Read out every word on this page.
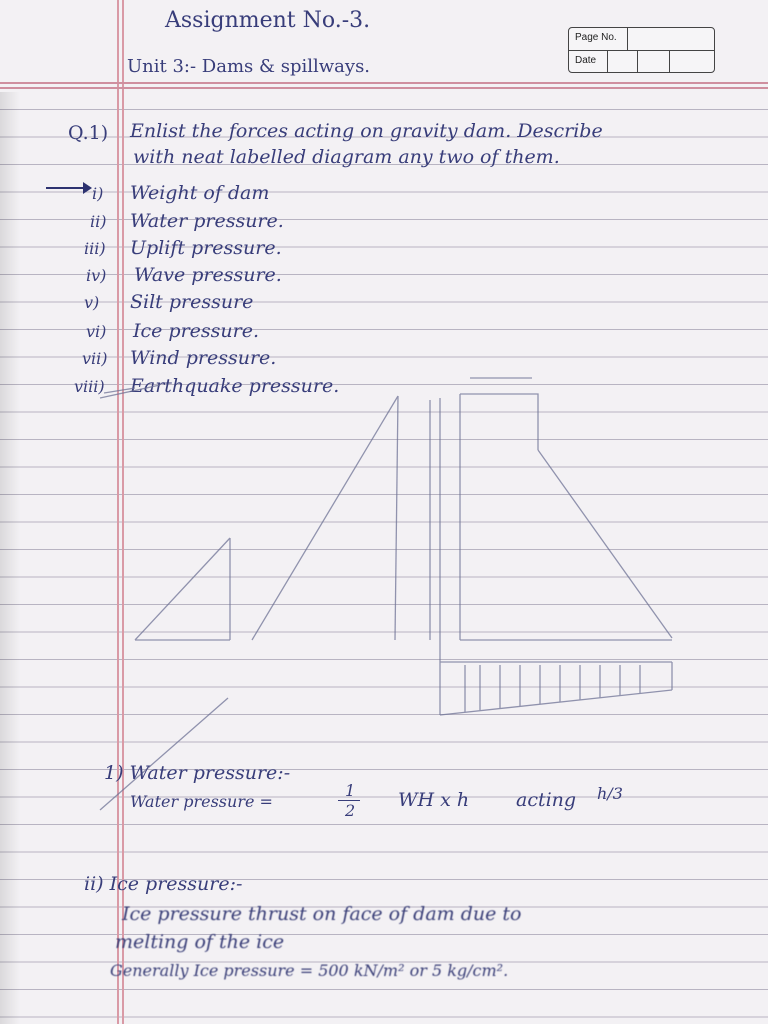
Assignment No.-3.
Unit 3:- Dams & spillways.
Page No.
Date
Q.1) Enlist the forces acting on gravity dam. Describe
with neat labelled diagram any two of them.
i) Weight of dam
ii) Water pressure.
iii) Uplift pressure.
iv) Wave pressure.
v) Silt pressure
vi) Ice pressure.
vii) Wind pressure.
viii) Earthquake pressure.
1) Water pressure:-
Water pressure =
1
2 WH x h acting h/3
ii) Ice pressure:-
Ice pressure thrust on face of dam due to
melting of the ice
Generally Ice pressure = 500 kN/m² or 5 kg/cm².
